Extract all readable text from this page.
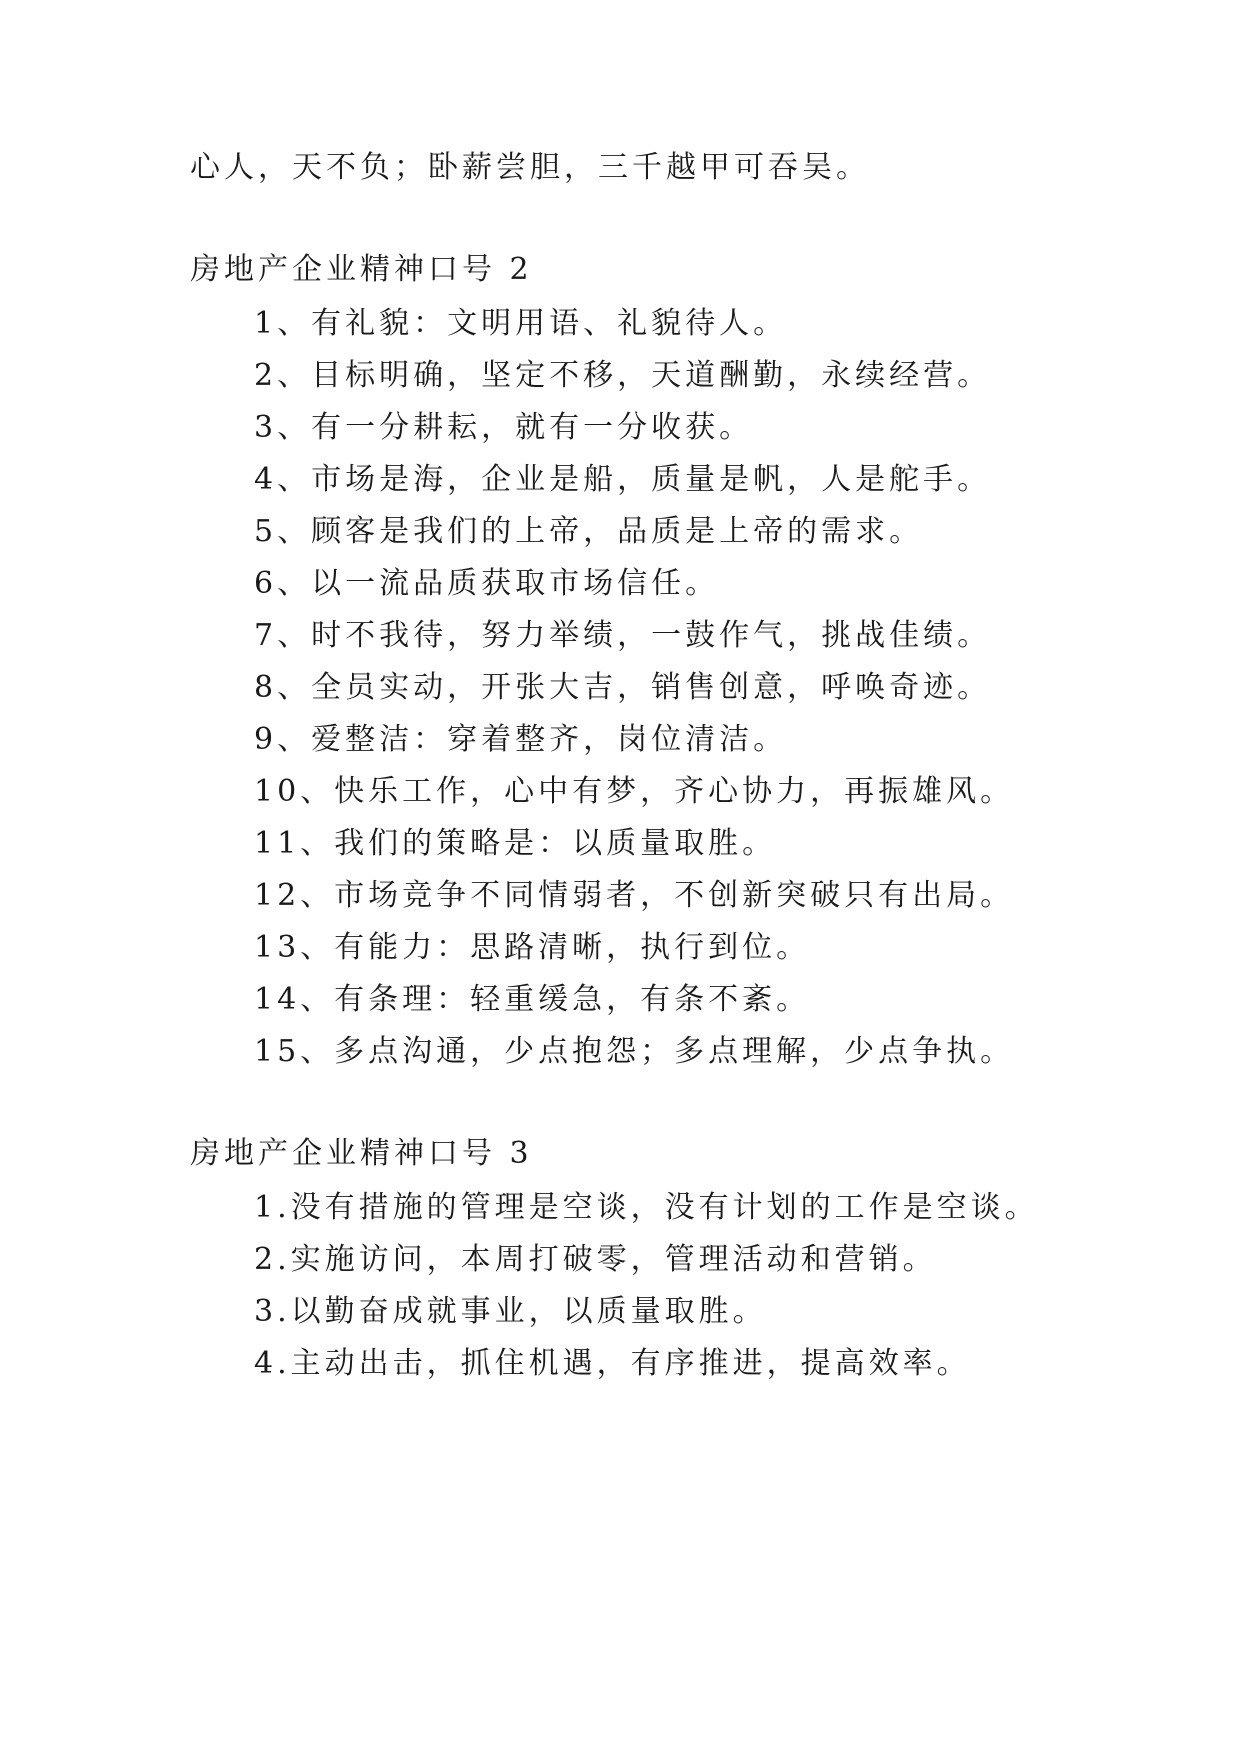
心人，天不负；卧薪尝胆，三千越甲可吞吴。
房地产企业精神口号 2
1、有礼貌：文明用语、礼貌待人。
2、目标明确，坚定不移，天道酬勤，永续经营。
3、有一分耕耘，就有一分收获。
4、市场是海，企业是船，质量是帆，人是舵手。
5、顾客是我们的上帝，品质是上帝的需求。
6、以一流品质获取市场信任。
7、时不我待，努力举绩，一鼓作气，挑战佳绩。
8、全员实动，开张大吉，销售创意，呼唤奇迹。
9、爱整洁：穿着整齐，岗位清洁。
10、快乐工作，心中有梦，齐心协力，再振雄风。
11、我们的策略是：以质量取胜。
12、市场竞争不同情弱者，不创新突破只有出局。
13、有能力：思路清晰，执行到位。
14、有条理：轻重缓急，有条不紊。
15、多点沟通，少点抱怨；多点理解，少点争执。
房地产企业精神口号 3
1.没有措施的管理是空谈，没有计划的工作是空谈。
2.实施访问，本周打破零，管理活动和营销。
3.以勤奋成就事业，以质量取胜。
4.主动出击，抓住机遇，有序推进，提高效率。
